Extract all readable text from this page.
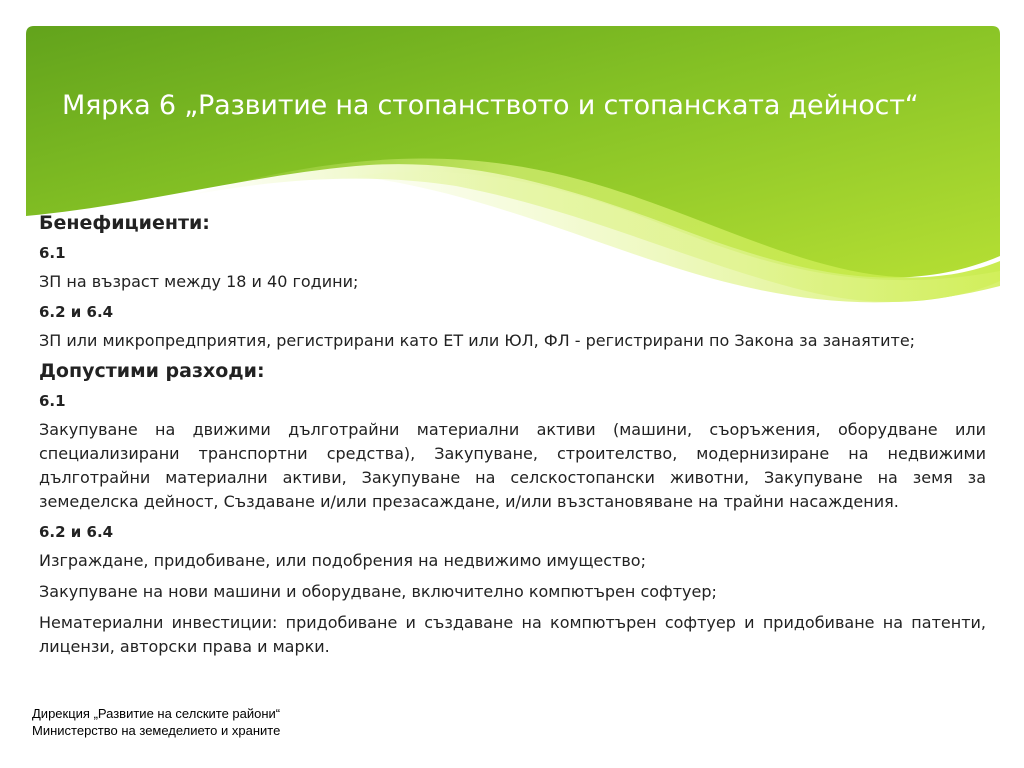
Мярка 6 „Развитие на стопанството и стопанската дейност“
Бенефициенти:
6.1
ЗП на възраст между 18 и 40 години;
6.2 и 6.4
ЗП или микропредприятия, регистрирани като ЕТ или ЮЛ, ФЛ - регистрирани по Закона за занаятите;
Допустими разходи:
6.1
Закупуване на движими дълготрайни материални активи (машини, съоръжения, оборудване или специализирани транспортни средства), Закупуване, строителство, модернизиране на недвижими дълготрайни материални активи, Закупуване на селскостопански животни, Закупуване на земя за земеделска дейност, Създаване и/или презасаждане, и/или възстановяване на трайни насаждения.
6.2 и 6.4
Изграждане, придобиване, или подобрения на недвижимо имущество;
Закупуване на нови машини и оборудване, включително компютърен софтуер;
Нематериални инвестиции: придобиване и създаване на компютърен софтуер и придобиване на патенти, лицензи, авторски права и марки.
Дирекция „Развитие на селските райони“
Министерство на земеделието и храните
